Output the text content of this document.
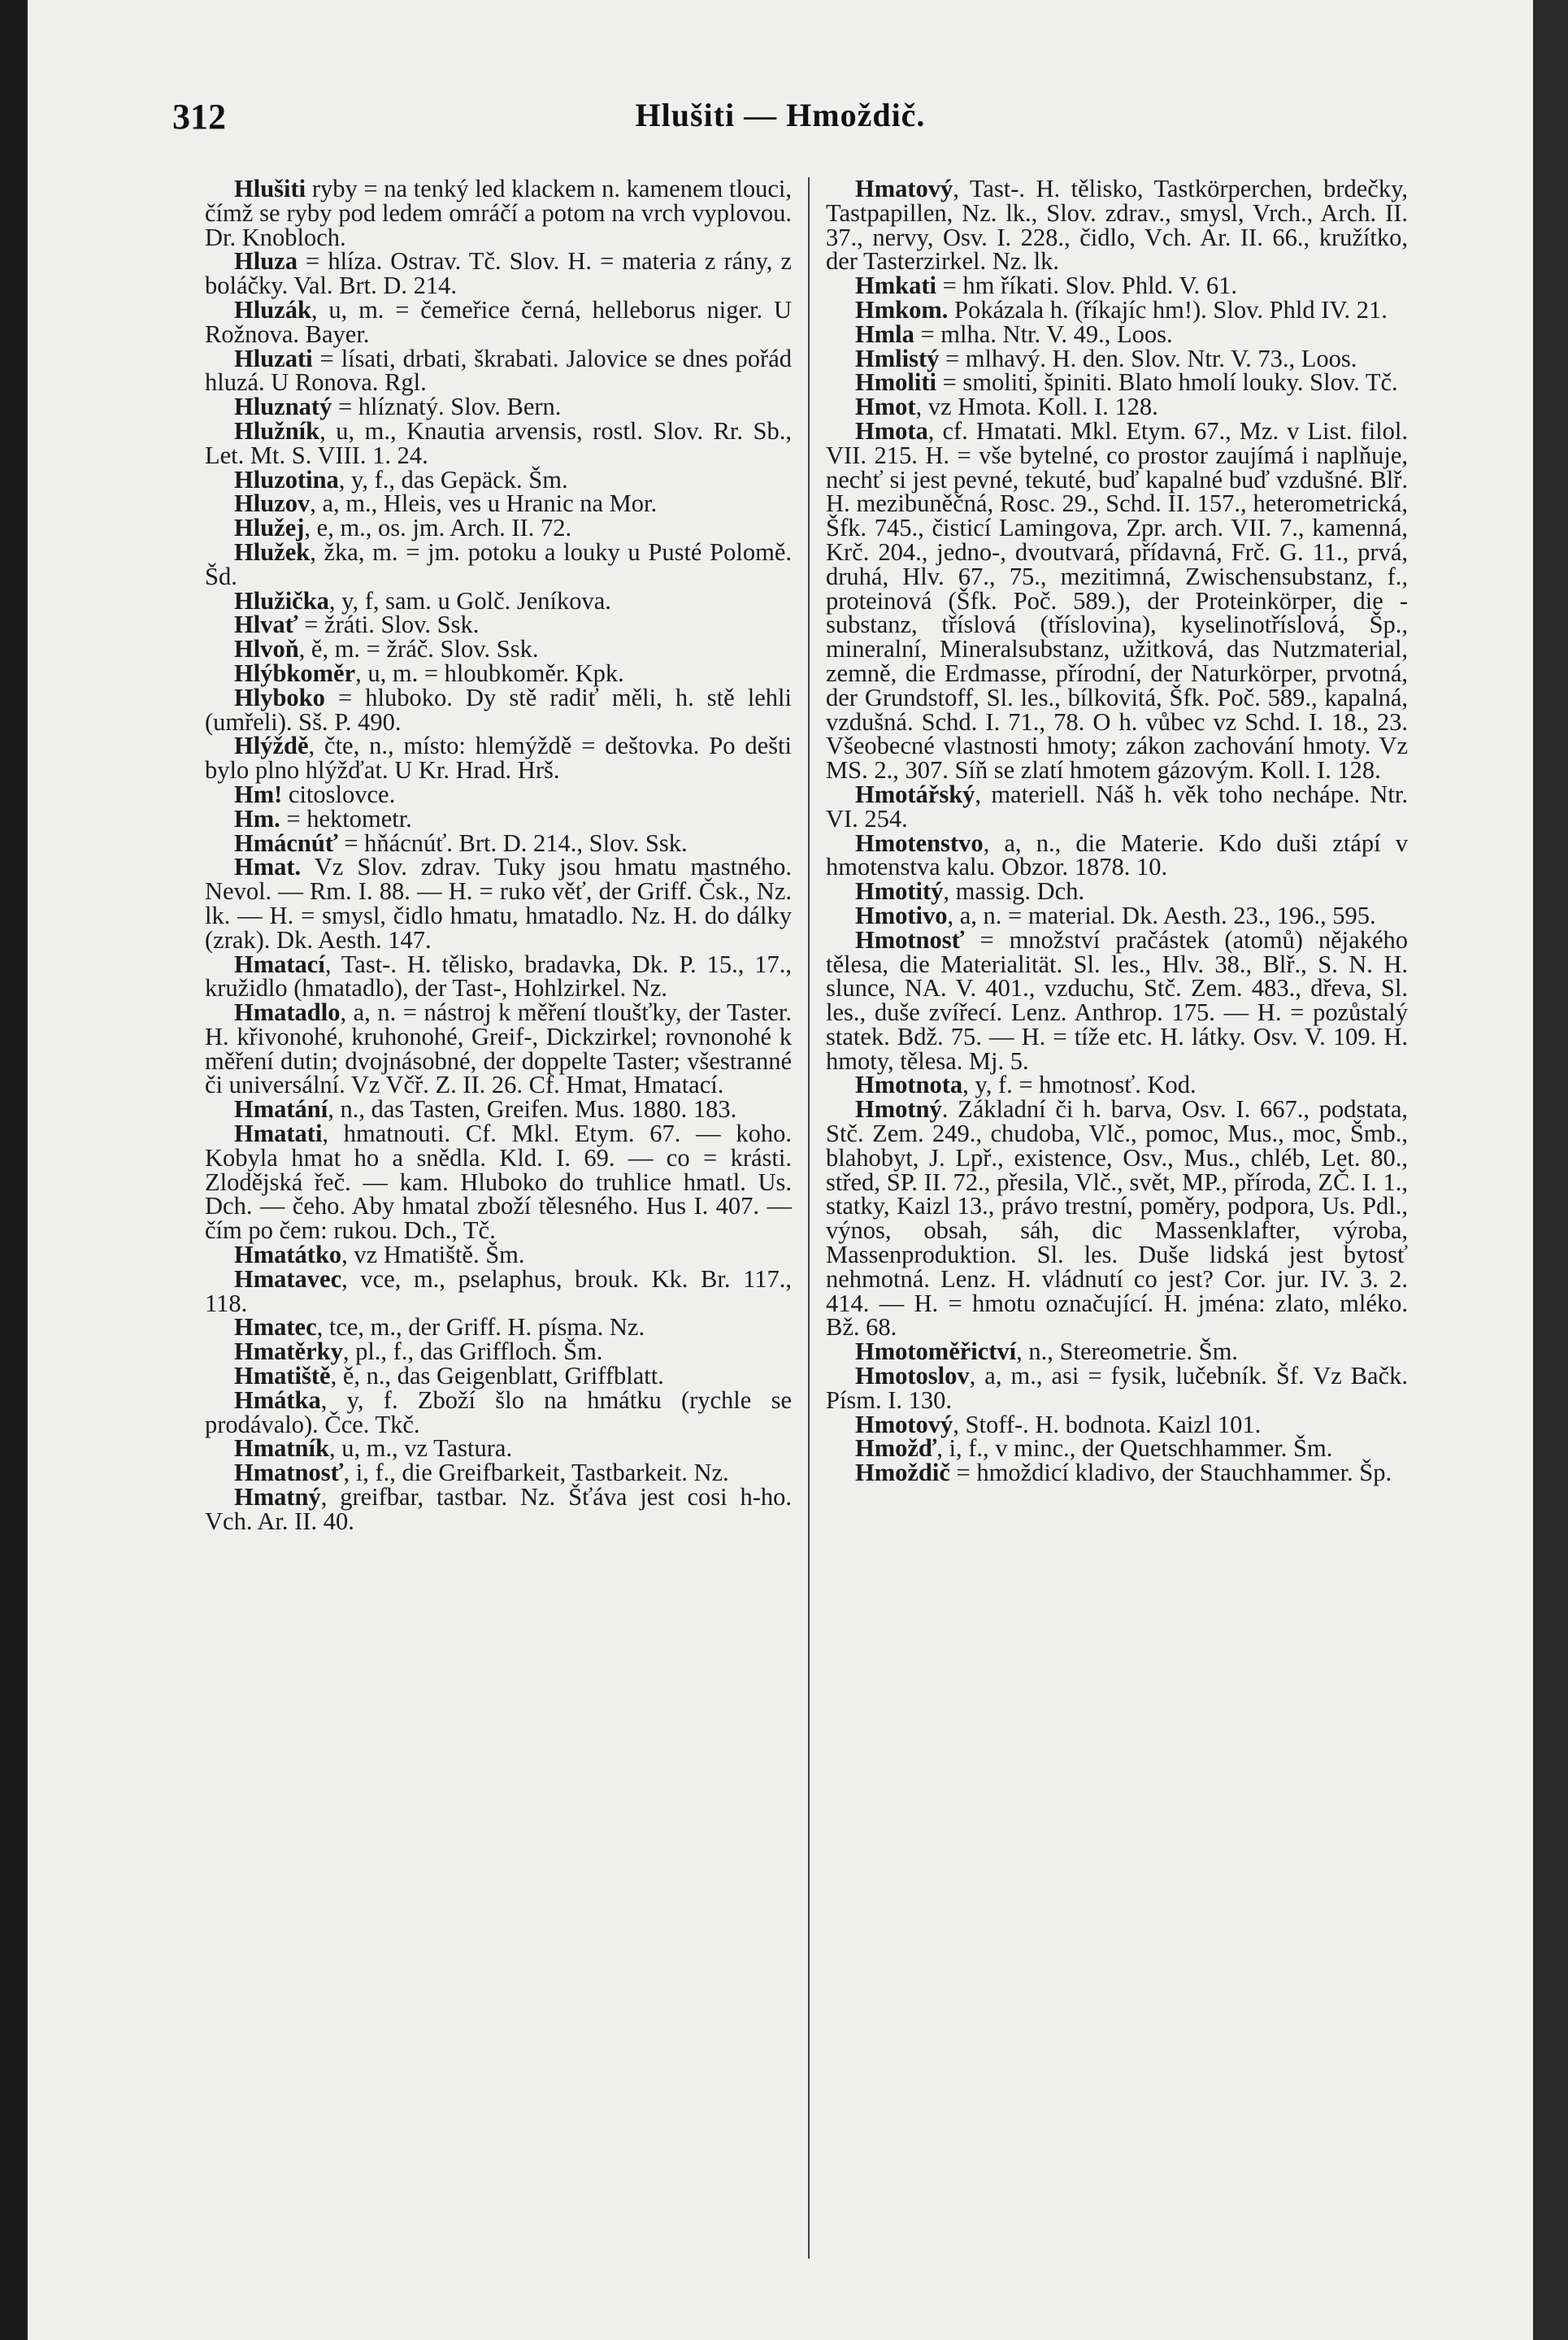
312	Hlušiti — Hmoždič.

Hlušiti ryby = na tenký led klackem n. kamenem tlouci, čímž se ryby pod ledem omráčí a potom na vrch vyplovou. Dr. Knobloch.

Hluza = hlíza. Ostrav. Tč. Slov. H. = materia z rány, z boláčky. Val. Brt. D. 214.

Hluzák, u, m. = čemeřice černá, helleborus niger. U Rožnova. Bayer.

Hluzati = lísati, drbati, škrabati. Jalovice se dnes pořád hluzá. U Ronova. Rgl.

Hluznatý = hlíznatý. Slov. Bern.

Hlužník, u, m., Knautia arvensis, rostl. Slov. Rr. Sb., Let. Mt. S. VIII. 1. 24.

Hluzotina, y, f., das Gepäck. Šm.

Hluzov, a, m., Hleis, ves u Hranic na Mor.

Hlužej, e, m., os. jm. Arch. II. 72.

Hlužek, žka, m. = jm. potoku a louky u Pusté Polomě. Šd.

Hlužička, y, f, sam. u Golč. Jeníkova.

Hlvať = žráti. Slov. Ssk.

Hlvoň, ě, m. = žráč. Slov. Ssk.

Hlýbkoměr, u, m. = hloubkoměr. Kpk.

Hlyboko = hluboko. Dy stě radiť měli, h. stě lehli (umřeli). Sš. P. 490.

Hlýždě, čte, n., místo: hlemýždě = deštovka. Po dešti bylo plno hlýžďat. U Kr. Hrad. Hrš.

Hm! citoslovce.

Hm. = hektometr.

Hmácnúť = hňácnúť. Brt. D. 214., Slov. Ssk.

Hmat. Vz Slov. zdrav. Tuky jsou hmatu mastného. Nevol. — Rm. I. 88. — H. = ruko věť, der Griff. Čsk., Nz. lk. — H. = smysl, čidlo hmatu, hmatadlo. Nz. H. do dálky (zrak). Dk. Aesth. 147.

Hmatací, Tast-. H. tělisko, bradavka, Dk. P. 15., 17., kružidlo (hmatadlo), der Tast-, Hohlzirkel. Nz.

Hmatadlo, a, n. = nástroj k měření tloušťky, der Taster. H. křivonohé, kruhonohé, Greif-, Dickzirkel; rovnonohé k měření dutin; dvojnásobné, der doppelte Taster; všestranné či universální. Vz Včř. Z. II. 26. Cf. Hmat, Hmatací.

Hmatání, n., das Tasten, Greifen. Mus. 1880. 183.

Hmatati, hmatnouti. Cf. Mkl. Etym. 67. — koho. Kobyla hmat ho a snědla. Kld. I. 69. — co = krásti. Zlodějská řeč. — kam. Hluboko do truhlice hmatl. Us. Dch. — čeho. Aby hmatal zboží tělesného. Hus I. 407. — čím po čem: rukou. Dch., Tč.

Hmatátko, vz Hmatiště. Šm.

Hmatavec, vce, m., pselaphus, brouk. Kk. Br. 117., 118.

Hmatec, tce, m., der Griff. H. písma. Nz.

Hmatěrky, pl., f., das Griffloch. Šm.

Hmatiště, ě, n., das Geigenblatt, Griffblatt.

Hmátka, y, f. Zboží šlo na hmátku (rychle se prodávalo). Čce. Tkč.

Hmatník, u, m., vz Tastura.

Hmatnosť, i, f., die Greifbarkeit, Tastbarkeit. Nz.

Hmatný, greifbar, tastbar. Nz. Šťáva jest cosi h-ho. Vch. Ar. II. 40.

Hmatový, Tast-. H. tělisko, Tastkörperchen, brdečky, Tastpapillen, Nz. lk., Slov. zdrav., smysl, Vrch., Arch. II. 37., nervy, Osv. I. 228., čidlo, Vch. Ar. II. 66., kružítko, der Tasterzirkel. Nz. lk.

Hmkati = hm říkati. Slov. Phld. V. 61.

Hmkom. Pokázala h. (říkajíc hm!). Slov. Phld IV. 21.

Hmla = mlha. Ntr. V. 49., Loos.

Hmlistý = mlhavý. H. den. Slov. Ntr. V. 73., Loos.

Hmoliti = smoliti, špiniti. Blato hmolí louky. Slov. Tč.

Hmot, vz Hmota. Koll. I. 128.

Hmota, cf. Hmatati. Mkl. Etym. 67., Mz. v List. filol. VII. 215. H. = vše bytelné, co prostor zaujímá i naplňuje, nechť si jest pevné, tekuté, buď kapalné buď vzdušné. Blř. H. mezibuněčná, Rosc. 29., Schd. II. 157., heterometrická, Šfk. 745., čisticí Lamingova, Zpr. arch. VII. 7., kamenná, Krč. 204., jedno-, dvoutvará, přídavná, Frč. G. 11., prvá, druhá, Hlv. 67., 75., mezitimná, Zwischensubstanz, f., proteinová (Šfk. Poč. 589.), der Proteinkörper, die -substanz, tříslová (tříslovina), kyselinotříslová, Šp., mineralní, Mineralsubstanz, užitková, das Nutzmaterial, zemně, die Erdmasse, přírodní, der Naturkörper, prvotná, der Grundstoff, Sl. les., bílkovitá, Šfk. Poč. 589., kapalná, vzdušná. Schd. I. 71., 78. O h. vůbec vz Schd. I. 18., 23. Všeobecné vlastnosti hmoty; zákon zachování hmoty. Vz MS. 2., 307. Síň se zlatí hmotem gázovým. Koll. I. 128.

Hmotářský, materiell. Náš h. věk toho nechápe. Ntr. VI. 254.

Hmotenstvo, a, n., die Materie. Kdo duši ztápí v hmotenstva kalu. Obzor. 1878. 10.

Hmotitý, massig. Dch.

Hmotivo, a, n. = material. Dk. Aesth. 23., 196., 595.

Hmotnosť = množství pračástek (atomů) nějakého tělesa, die Materialität. Sl. les., Hlv. 38., Blř., S. N. H. slunce, NA. V. 401., vzduchu, Stč. Zem. 483., dřeva, Sl. les., duše zvířecí. Lenz. Anthrop. 175. — H. = pozůstalý statek. Bdž. 75. — H. = tíže etc. H. látky. Osv. V. 109. H. hmoty, tělesa. Mj. 5.

Hmotnota, y, f. = hmotnosť. Kod.

Hmotný. Základní či h. barva, Osv. I. 667., podstata, Stč. Zem. 249., chudoba, Vlč., pomoc, Mus., moc, Šmb., blahobyt, J. Lpř., existence, Osv., Mus., chléb, Let. 80., střed, SP. II. 72., přesila, Vlč., svět, MP., příroda, ZČ. I. 1., statky, Kaizl 13., právo trestní, poměry, podpora, Us. Pdl., výnos, obsah, sáh, dic Massenklafter, výroba, Massenproduktion. Sl. les. Duše lidská jest bytosť nehmotná. Lenz. H. vládnutí co jest? Cor. jur. IV. 3. 2. 414. — H. = hmotu označující. H. jména: zlato, mléko. Bž. 68.

Hmotoměřictví, n., Stereometrie. Šm.

Hmotoslov, a, m., asi = fysik, lučebník. Šf. Vz Bačk. Písm. I. 130.

Hmotový, Stoff-. H. bodnota. Kaizl 101.

Hmožď, i, f., v minc., der Quetschhammer. Šm.

Hmoždič = hmoždicí kladivo, der Stauchhammer. Šp.
